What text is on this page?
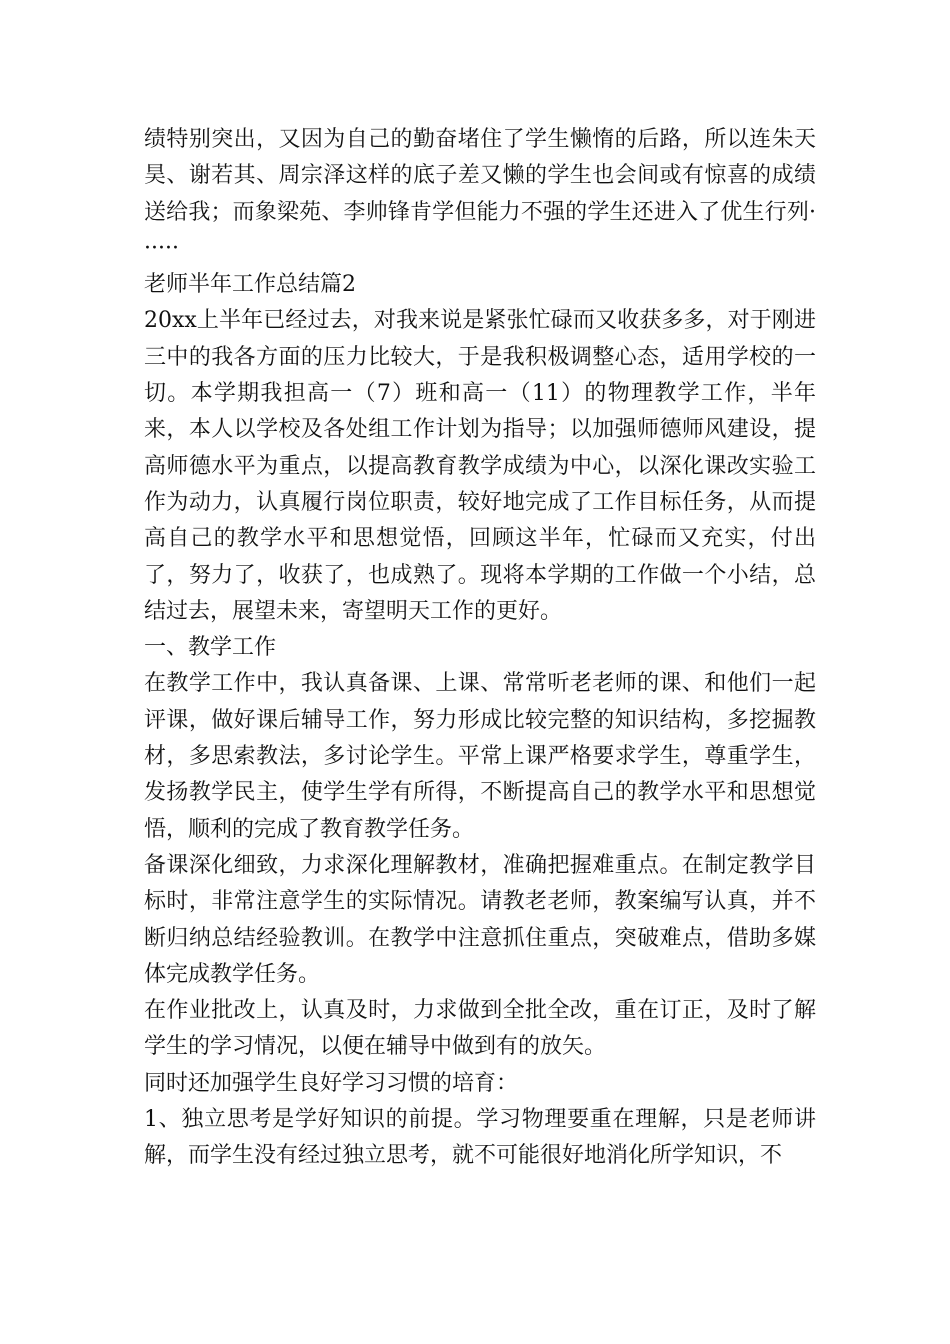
绩特别突出，又因为自己的勤奋堵住了学生懒惰的后路，所以连朱天昊、谢若其、周宗泽这样的底子差又懒的学生也会间或有惊喜的成绩送给我；而象梁苑、李帅锋肯学但能力不强的学生还进入了优生行列······

老师半年工作总结篇2

20xx上半年已经过去，对我来说是紧张忙碌而又收获多多，对于刚进三中的我各方面的压力比较大，于是我积极调整心态，适用学校的一切。本学期我担高一（7）班和高一（11）的物理教学工作，半年来，本人以学校及各处组工作计划为指导；以加强师德师风建设，提高师德水平为重点，以提高教育教学成绩为中心，以深化课改实验工作为动力，认真履行岗位职责，较好地完成了工作目标任务，从而提高自己的教学水平和思想觉悟，回顾这半年，忙碌而又充实，付出了，努力了，收获了，也成熟了。现将本学期的工作做一个小结，总结过去，展望未来，寄望明天工作的更好。

一、教学工作

在教学工作中，我认真备课、上课、常常听老老师的课、和他们一起评课，做好课后辅导工作，努力形成比较完整的知识结构，多挖掘教材，多思索教法，多讨论学生。平常上课严格要求学生，尊重学生，发扬教学民主，使学生学有所得，不断提高自己的教学水平和思想觉悟，顺利的完成了教育教学任务。

备课深化细致，力求深化理解教材，准确把握难重点。在制定教学目标时，非常注意学生的实际情况。请教老老师，教案编写认真，并不断归纳总结经验教训。在教学中注意抓住重点，突破难点，借助多媒体完成教学任务。

在作业批改上，认真及时，力求做到全批全改，重在订正，及时了解学生的学习情况，以便在辅导中做到有的放矢。

同时还加强学生良好学习习惯的培育：

1、独立思考是学好知识的前提。学习物理要重在理解，只是老师讲解，而学生没有经过独立思考，就不可能很好地消化所学知识，不
